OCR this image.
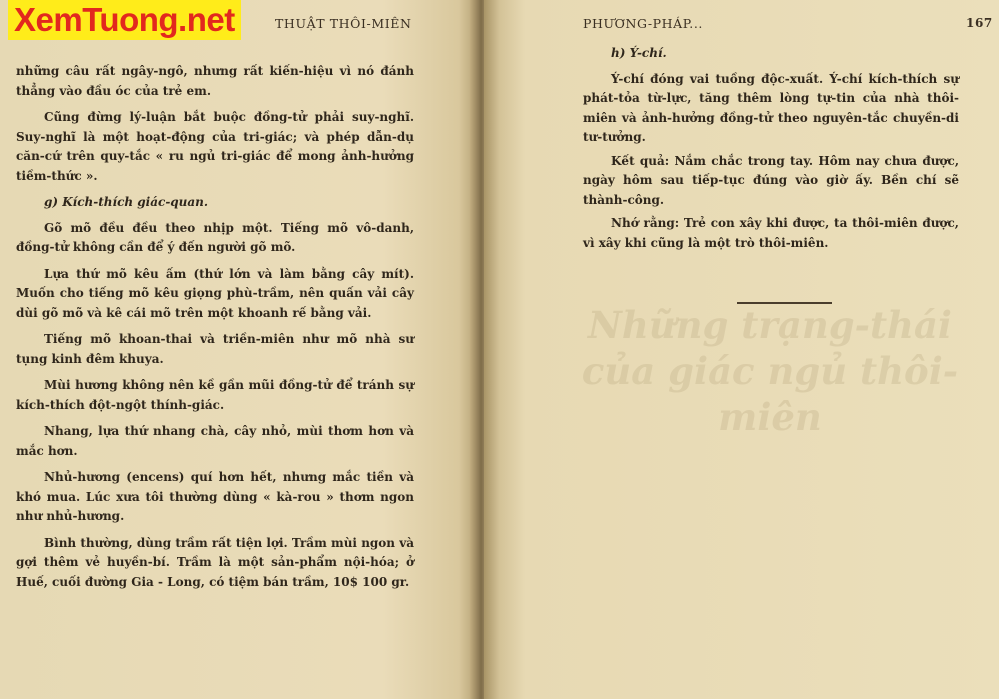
THUẬT THÔI-MIÊN

những câu rất ngây-ngô, nhưng rất kiến-hiệu vì nó đánh thẳng vào đầu óc của trẻ em.

Cũng đừng lý-luận bắt buộc đồng-tử phải suy-nghĩ. Suy-nghĩ là một hoạt-động của tri-giác; và phép dẫn-dụ căn-cứ trên quy-tắc « ru ngủ tri-giác để mong ảnh-hưởng tiềm-thức ».

g) Kích-thích giác-quan.

Gõ mõ đều đều theo nhịp một. Tiếng mõ vô-danh, đồng-tử không cần để ý đến người gõ mõ.

Lựa thứ mõ kêu ấm (thứ lớn và làm bằng cây mít). Muốn cho tiếng mõ kêu giọng phù-trầm, nên quấn vải cây dùi gõ mõ và kê cái mõ trên một khoanh rế bằng vải.

Tiếng mõ khoan-thai và triền-miên như mõ nhà sư tụng kinh đêm khuya.

Mùi hương không nên kề gần mũi đồng-tử để tránh sự kích-thích đột-ngột thính-giác.

Nhang, lựa thứ nhang chà, cây nhỏ, mùi thơm hơn và mắc hơn.

Nhủ-hương (encens) quí hơn hết, nhưng mắc tiền và khó mua. Lúc xưa tôi thường dùng « kà-rou » thơm ngon như nhủ-hương.

Bình thường, dùng trầm rất tiện lợi. Trầm mùi ngon và gợi thêm vẻ huyền-bí. Trầm là một sản-phẩm nội-hóa; ở Huế, cuối đường Gia - Long, có tiệm bán trầm, 10$ 100 gr.

PHƯƠNG-PHÁP...	167

h) Ý-chí.

Ý-chí đóng vai tuồng độc-xuất. Ý-chí kích-thích sự phát-tỏa từ-lực, tăng thêm lòng tự-tin của nhà thôi-miên và ảnh-hưởng đồng-tử theo nguyên-tắc chuyền-di tư-tưởng.

Kết quả: Nắm chắc trong tay. Hôm nay chưa được, ngày hôm sau tiếp-tục đúng vào giờ ấy. Bền chí sẽ thành-công.

Nhớ rằng: Trẻ con xây khi được, ta thôi-miên được, vì xây khi cũng là một trò thôi-miên.

Những trạng-thái của giác ngủ thôi-miên
XemTuong.net
